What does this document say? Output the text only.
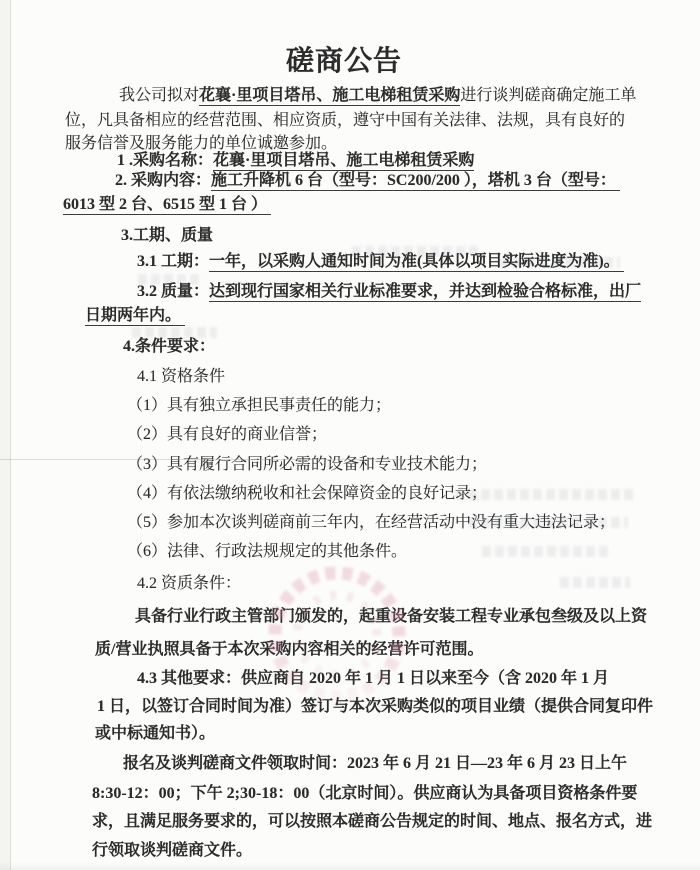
磋商公告
我公司拟对花襄·里项目塔吊、施工电梯租赁采购进行谈判磋商确定施工单
位，凡具备相应的经营范围、相应资质，遵守中国有关法律、法规，具有良好的
服务信誉及服务能力的单位诚邀参加。
1 .采购名称：花襄·里项目塔吊、施工电梯租赁采购
2. 采购内容：施工升降机 6 台（型号：SC200/200 ），塔机 3 台（型号：
6013 型 2 台、6515 型 1 台 ）
3.工期、质量
3.1 工期：一年，以采购人通知时间为准(具体以项目实际进度为准)。
3.2 质量：达到现行国家相关行业标准要求，并达到检验合格标准，出厂
日期两年内。
4.条件要求：
4.1 资格条件
（1）具有独立承担民事责任的能力；
（2）具有良好的商业信誉；
（3）具有履行合同所必需的设备和专业技术能力；
（4）有依法缴纳税收和社会保障资金的良好记录；
（5）参加本次谈判磋商前三年内，在经营活动中没有重大违法记录；
（6）法律、行政法规规定的其他条件。
4.2 资质条件：
具备行业行政主管部门颁发的，起重设备安装工程专业承包叁级及以上资
质/营业执照具备于本次采购内容相关的经营许可范围。
4.3 其他要求：供应商自 2020 年 1 月 1 日以来至今（含 2020 年 1 月
1 日，以签订合同时间为准）签订与本次采购类似的项目业绩（提供合同复印件
或中标通知书）。
报名及谈判磋商文件领取时间：2023 年 6 月 21 日—23 年 6 月 23 日上午
8:30-12：00；下午 2;30-18：00（北京时间）。供应商认为具备项目资格条件要
求，且满足服务要求的，可以按照本磋商公告规定的时间、地点、报名方式，进
行领取谈判磋商文件。
